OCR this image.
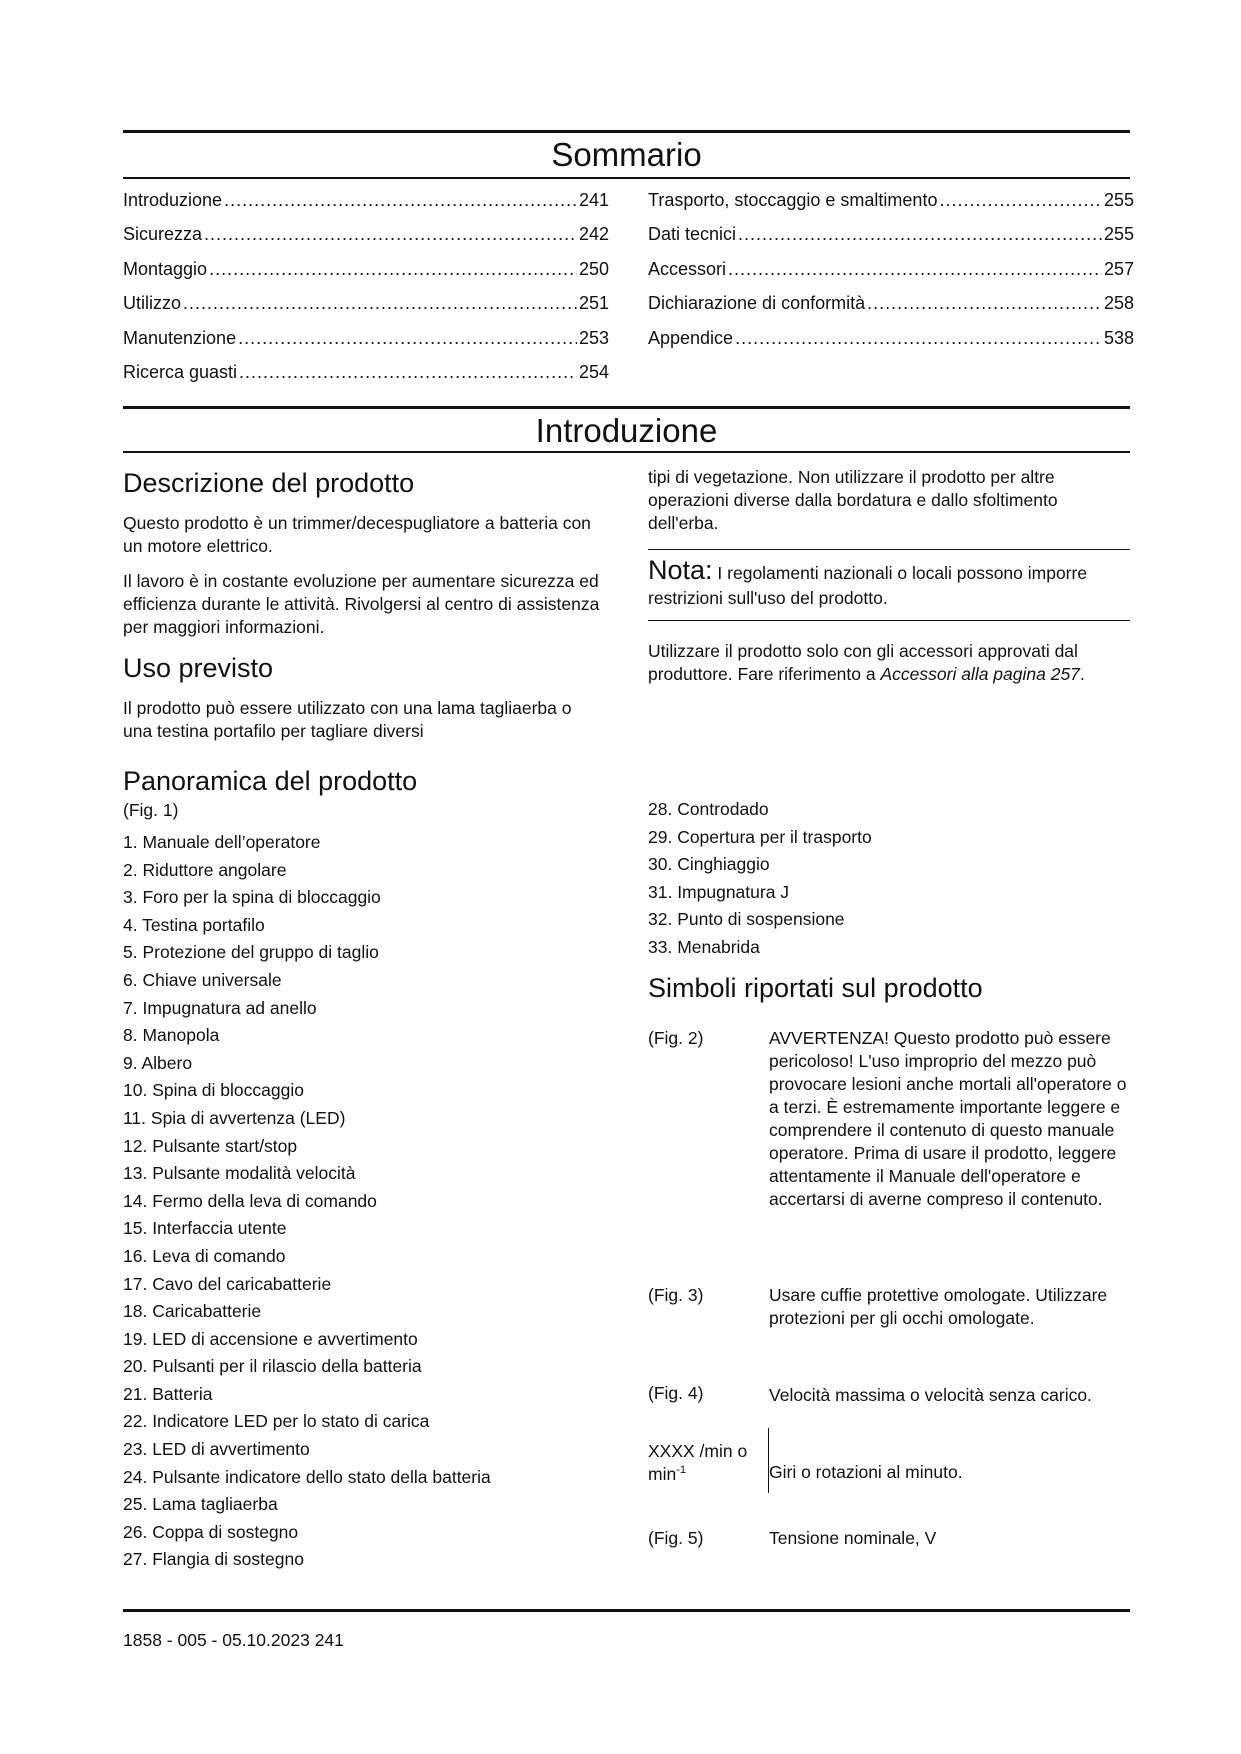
Sommario
Introduzione .....	241
Sicurezza .....	242
Montaggio .....	250
Utilizzo .....	251
Manutenzione .....	253
Ricerca guasti .....	254
Trasporto, stoccaggio e smaltimento .....	255
Dati tecnici .....	255
Accessori .....	257
Dichiarazione di conformità .....	258
Appendice .....	538
Introduzione
Descrizione del prodotto
Questo prodotto è un trimmer/decespugliatore a batteria con un motore elettrico.
Il lavoro è in costante evoluzione per aumentare sicurezza ed efficienza durante le attività. Rivolgersi al centro di assistenza per maggiori informazioni.
Uso previsto
Il prodotto può essere utilizzato con una lama tagliaerba o una testina portafilo per tagliare diversi
tipi di vegetazione. Non utilizzare il prodotto per altre operazioni diverse dalla bordatura e dallo sfoltimento dell'erba.
Nota: I regolamenti nazionali o locali possono imporre restrizioni sull'uso del prodotto.
Utilizzare il prodotto solo con gli accessori approvati dal produttore. Fare riferimento a Accessori alla pagina 257.
Panoramica del prodotto
(Fig. 1)
1. Manuale dell’operatore
2. Riduttore angolare
3. Foro per la spina di bloccaggio
4. Testina portafilo
5. Protezione del gruppo di taglio
6. Chiave universale
7. Impugnatura ad anello
8. Manopola
9. Albero
10. Spina di bloccaggio
11. Spia di avvertenza (LED)
12. Pulsante start/stop
13. Pulsante modalità velocità
14. Fermo della leva di comando
15. Interfaccia utente
16. Leva di comando
17. Cavo del caricabatterie
18. Caricabatterie
19. LED di accensione e avvertimento
20. Pulsanti per il rilascio della batteria
21. Batteria
22. Indicatore LED per lo stato di carica
23. LED di avvertimento
24. Pulsante indicatore dello stato della batteria
25. Lama tagliaerba
26. Coppa di sostegno
27. Flangia di sostegno
28. Controdado
29. Copertura per il trasporto
30. Cinghiaggio
31. Impugnatura J
32. Punto di sospensione
33. Menabrida
Simboli riportati sul prodotto
(Fig. 2)	AVVERTENZA! Questo prodotto può essere pericoloso! L'uso improprio del mezzo può provocare lesioni anche mortali all'operatore o a terzi. È estremamente importante leggere e comprendere il contenuto di questo manuale operatore. Prima di usare il prodotto, leggere attentamente il Manuale dell'operatore e accertarsi di averne compreso il contenuto.
(Fig. 3)	Usare cuffie protettive omologate. Utilizzare protezioni per gli occhi omologate.
(Fig. 4)	Velocità massima o velocità senza carico.
XXXX /min o
$\min^{-1}$	Giri o rotazioni al minuto.
(Fig. 5)	Tensione nominale, V
1858 - 005 - 05.10.2023 241
